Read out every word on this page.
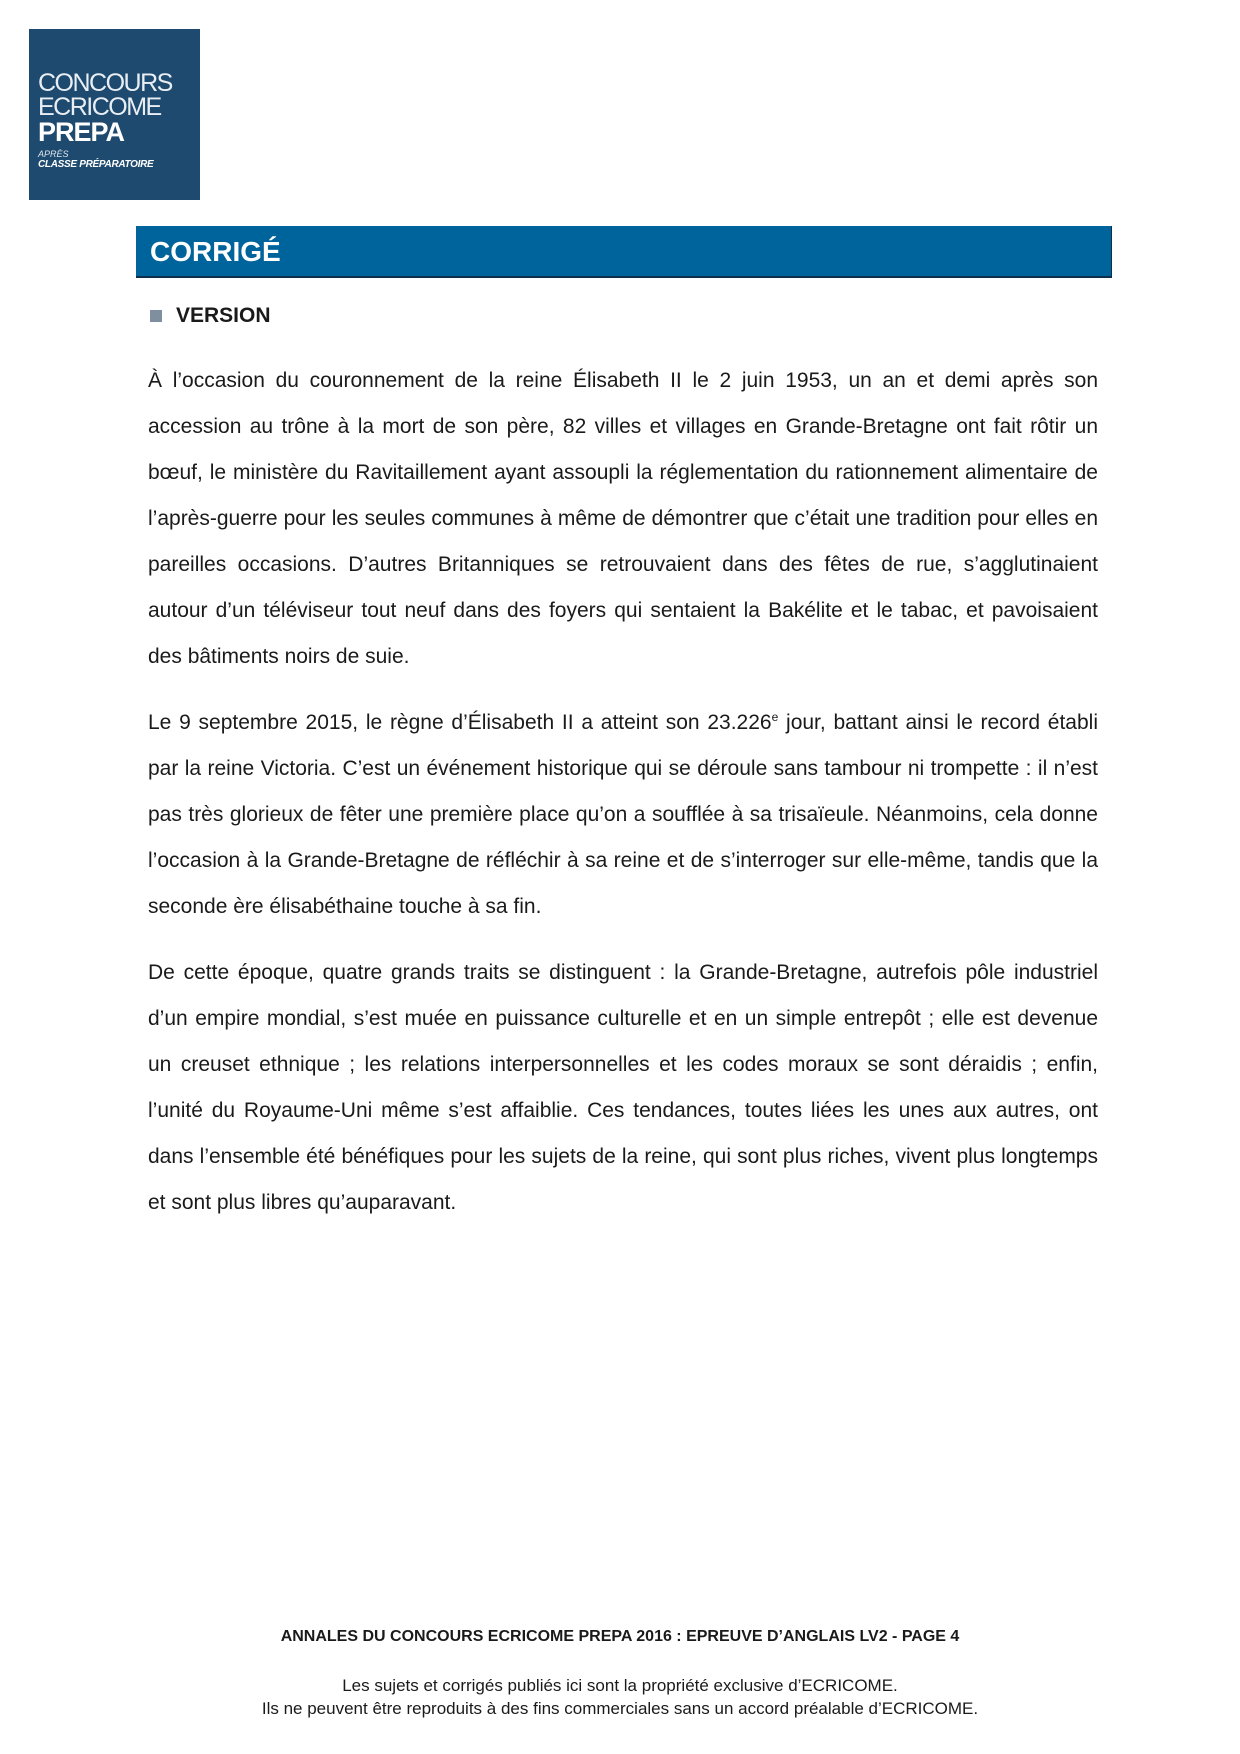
CONCOURS
ECRICOME
PREPA
APRÈS
CLASSE PRÉPARATOIRE
CORRIGÉ
VERSION

À l’occasion du couronnement de la reine Élisabeth II le 2 juin 1953, un an et demi après son accession au trône à la mort de son père, 82 villes et villages en Grande-Bretagne ont fait rôtir un bœuf, le ministère du Ravitaillement ayant assoupli la réglementation du rationnement alimentaire de l’après-guerre pour les seules communes à même de démontrer que c’était une tradition pour elles en pareilles occasions. D’autres Britanniques se retrouvaient dans des fêtes de rue, s’agglutinaient autour d’un téléviseur tout neuf dans des foyers qui sentaient la Bakélite et le tabac, et pavoisaient des bâtiments noirs de suie.

Le 9 septembre 2015, le règne d’Élisabeth II a atteint son 23.226e jour, battant ainsi le record établi par la reine Victoria. C’est un événement historique qui se déroule sans tambour ni trompette : il n’est pas très glorieux de fêter une première place qu’on a soufflée à sa trisaïeule. Néanmoins, cela donne l’occasion à la Grande-Bretagne de réfléchir à sa reine et de s’interroger sur elle-même, tandis que la seconde ère élisabéthaine touche à sa fin.

De cette époque, quatre grands traits se distinguent : la Grande-Bretagne, autrefois pôle industriel d’un empire mondial, s’est muée en puissance culturelle et en un simple entrepôt ; elle est devenue un creuset ethnique ; les relations interpersonnelles et les codes moraux se sont déraidis ; enfin, l’unité du Royaume-Uni même s’est affaiblie. Ces tendances, toutes liées les unes aux autres, ont dans l’ensemble été bénéfiques pour les sujets de la reine, qui sont plus riches, vivent plus longtemps et sont plus libres qu’auparavant.

ANNALES DU CONCOURS ECRICOME PREPA 2016 : EPREUVE D’ANGLAIS LV2 - PAGE 4
Les sujets et corrigés publiés ici sont la propriété exclusive d’ECRICOME.
Ils ne peuvent être reproduits à des fins commerciales sans un accord préalable d’ECRICOME.
